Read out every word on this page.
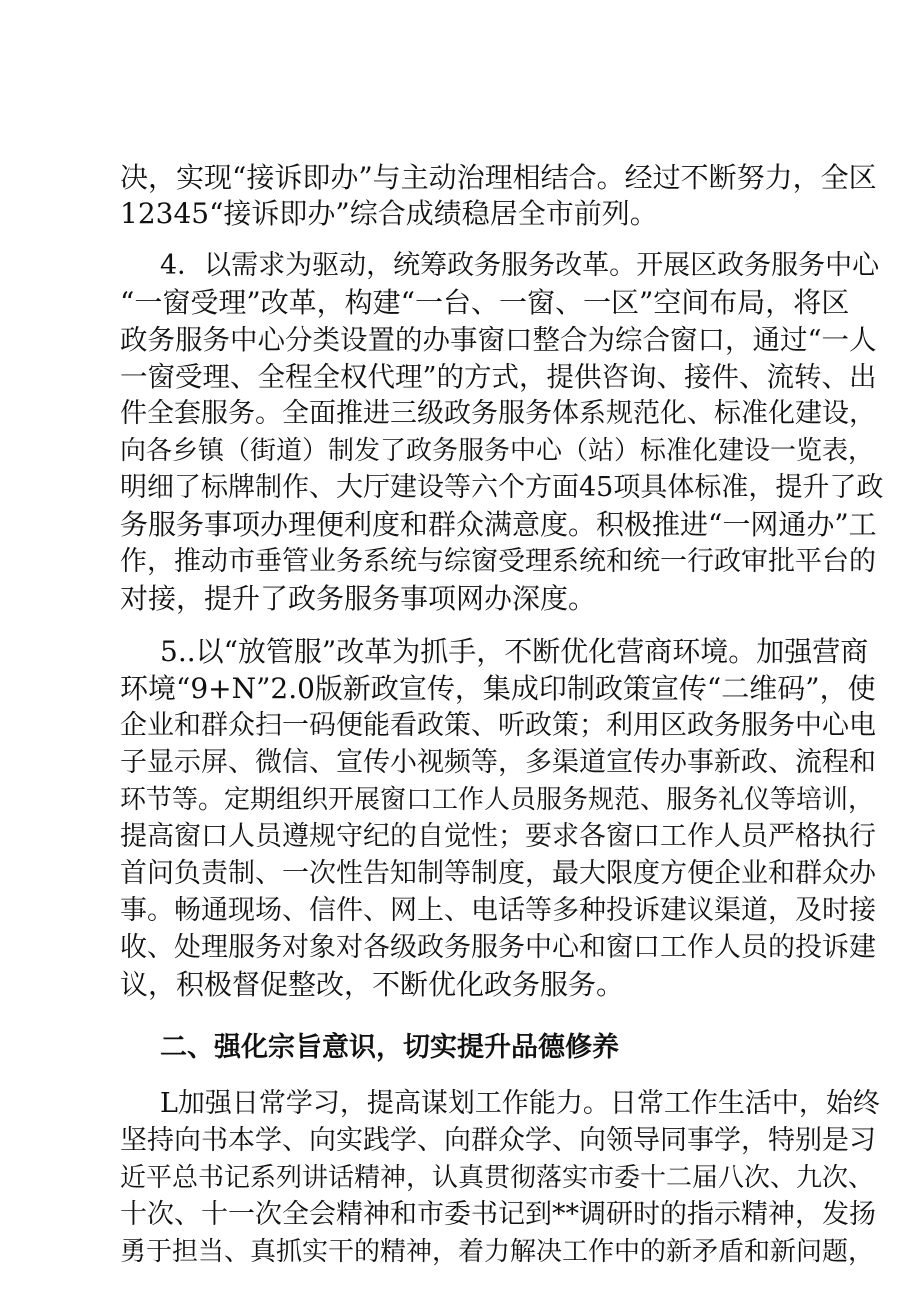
决，实现“接诉即办”与主动治理相结合。经过不断努力，全区
12345“接诉即办”综合成绩稳居全市前列。
4．以需求为驱动，统筹政务服务改革。开展区政务服务中心
“一窗受理”改革，构建“一台、一窗、一区”空间布局，将区
政务服务中心分类设置的办事窗口整合为综合窗口，通过“一人
一窗受理、全程全权代理”的方式，提供咨询、接件、流转、出
件全套服务。全面推进三级政务服务体系规范化、标准化建设，
向各乡镇（街道）制发了政务服务中心（站）标准化建设一览表，
明细了标牌制作、大厅建设等六个方面45项具体标准，提升了政
务服务事项办理便利度和群众满意度。积极推进“一网通办”工
作，推动市垂管业务系统与综窗受理系统和统一行政审批平台的
对接，提升了政务服务事项网办深度。
5..以“放管服”改革为抓手，不断优化营商环境。加强营商
环境“9+N”2.0版新政宣传，集成印制政策宣传“二维码”，使
企业和群众扫一码便能看政策、听政策；利用区政务服务中心电
子显示屏、微信、宣传小视频等，多渠道宣传办事新政、流程和
环节等。定期组织开展窗口工作人员服务规范、服务礼仪等培训，
提高窗口人员遵规守纪的自觉性；要求各窗口工作人员严格执行
首问负责制、一次性告知制等制度，最大限度方便企业和群众办
事。畅通现场、信件、网上、电话等多种投诉建议渠道，及时接
收、处理服务对象对各级政务服务中心和窗口工作人员的投诉建
议，积极督促整改，不断优化政务服务。
二、强化宗旨意识，切实提升品德修养
L加强日常学习，提高谋划工作能力。日常工作生活中，始终
坚持向书本学、向实践学、向群众学、向领导同事学，特别是习
近平总书记系列讲话精神，认真贯彻落实市委十二届八次、九次、
十次、十一次全会精神和市委书记到**调研时的指示精神，发扬
勇于担当、真抓实干的精神，着力解决工作中的新矛盾和新问题，
